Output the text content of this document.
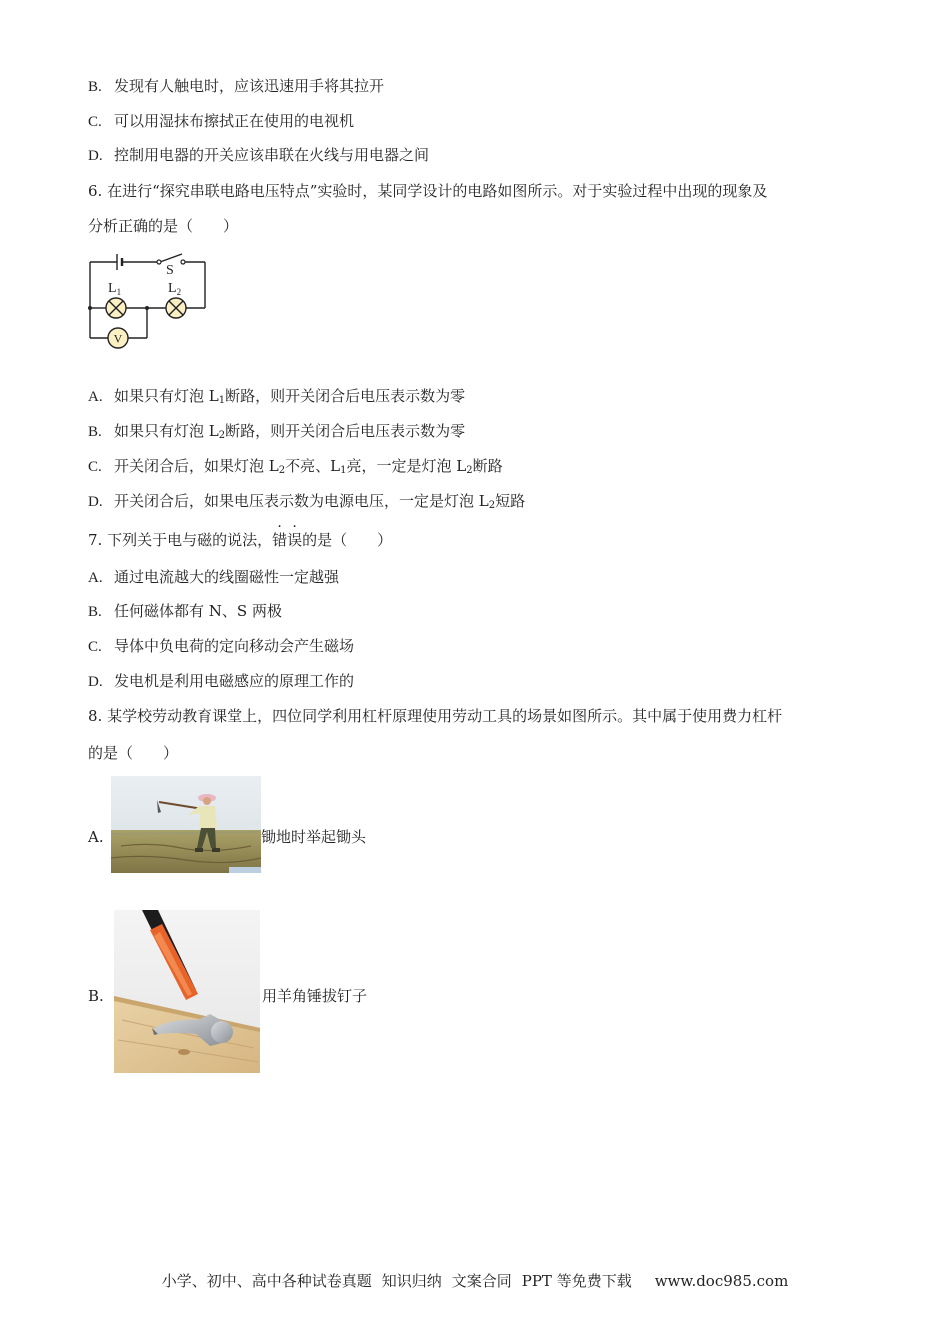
B. 发现有人触电时，应该迅速用手将其拉开
C. 可以用湿抹布擦拭正在使用的电视机
D. 控制用电器的开关应该串联在火线与用电器之间
6. 在进行“探究串联电路电压特点”实验时，某同学设计的电路如图所示。对于实验过程中出现的现象及
分析正确的是（　　）
V
S
$L_1$	$L_2$
A. 如果只有灯泡 $L_1$断路，则开关闭合后电压表示数为零
B. 如果只有灯泡 $L_2$断路，则开关闭合后电压表示数为零
C. 开关闭合后，如果灯泡 $L_2$不亮、$L_1$亮，一定是灯泡 $L_2$断路
D. 开关闭合后，如果电压表示数为电源电压，一定是灯泡 $L_2$短路
7. 下列关于电与磁的说法，错误的是（　　）
A. 通过电流越大的线圈磁性一定越强
B. 任何磁体都有 N、S 两极
C. 导体中负电荷的定向移动会产生磁场
D. 发电机是利用电磁感应的原理工作的
8. 某学校劳动教育课堂上，四位同学利用杠杆原理使用劳动工具的场景如图所示。其中属于使用费力杠杆
的是（　　）
A.	锄地时举起锄头
B.	用羊角锤拔钉子
小学、初中、高中各种试卷真题 知识归纳 文案合同 PPT 等免费下载 www.doc985.com
